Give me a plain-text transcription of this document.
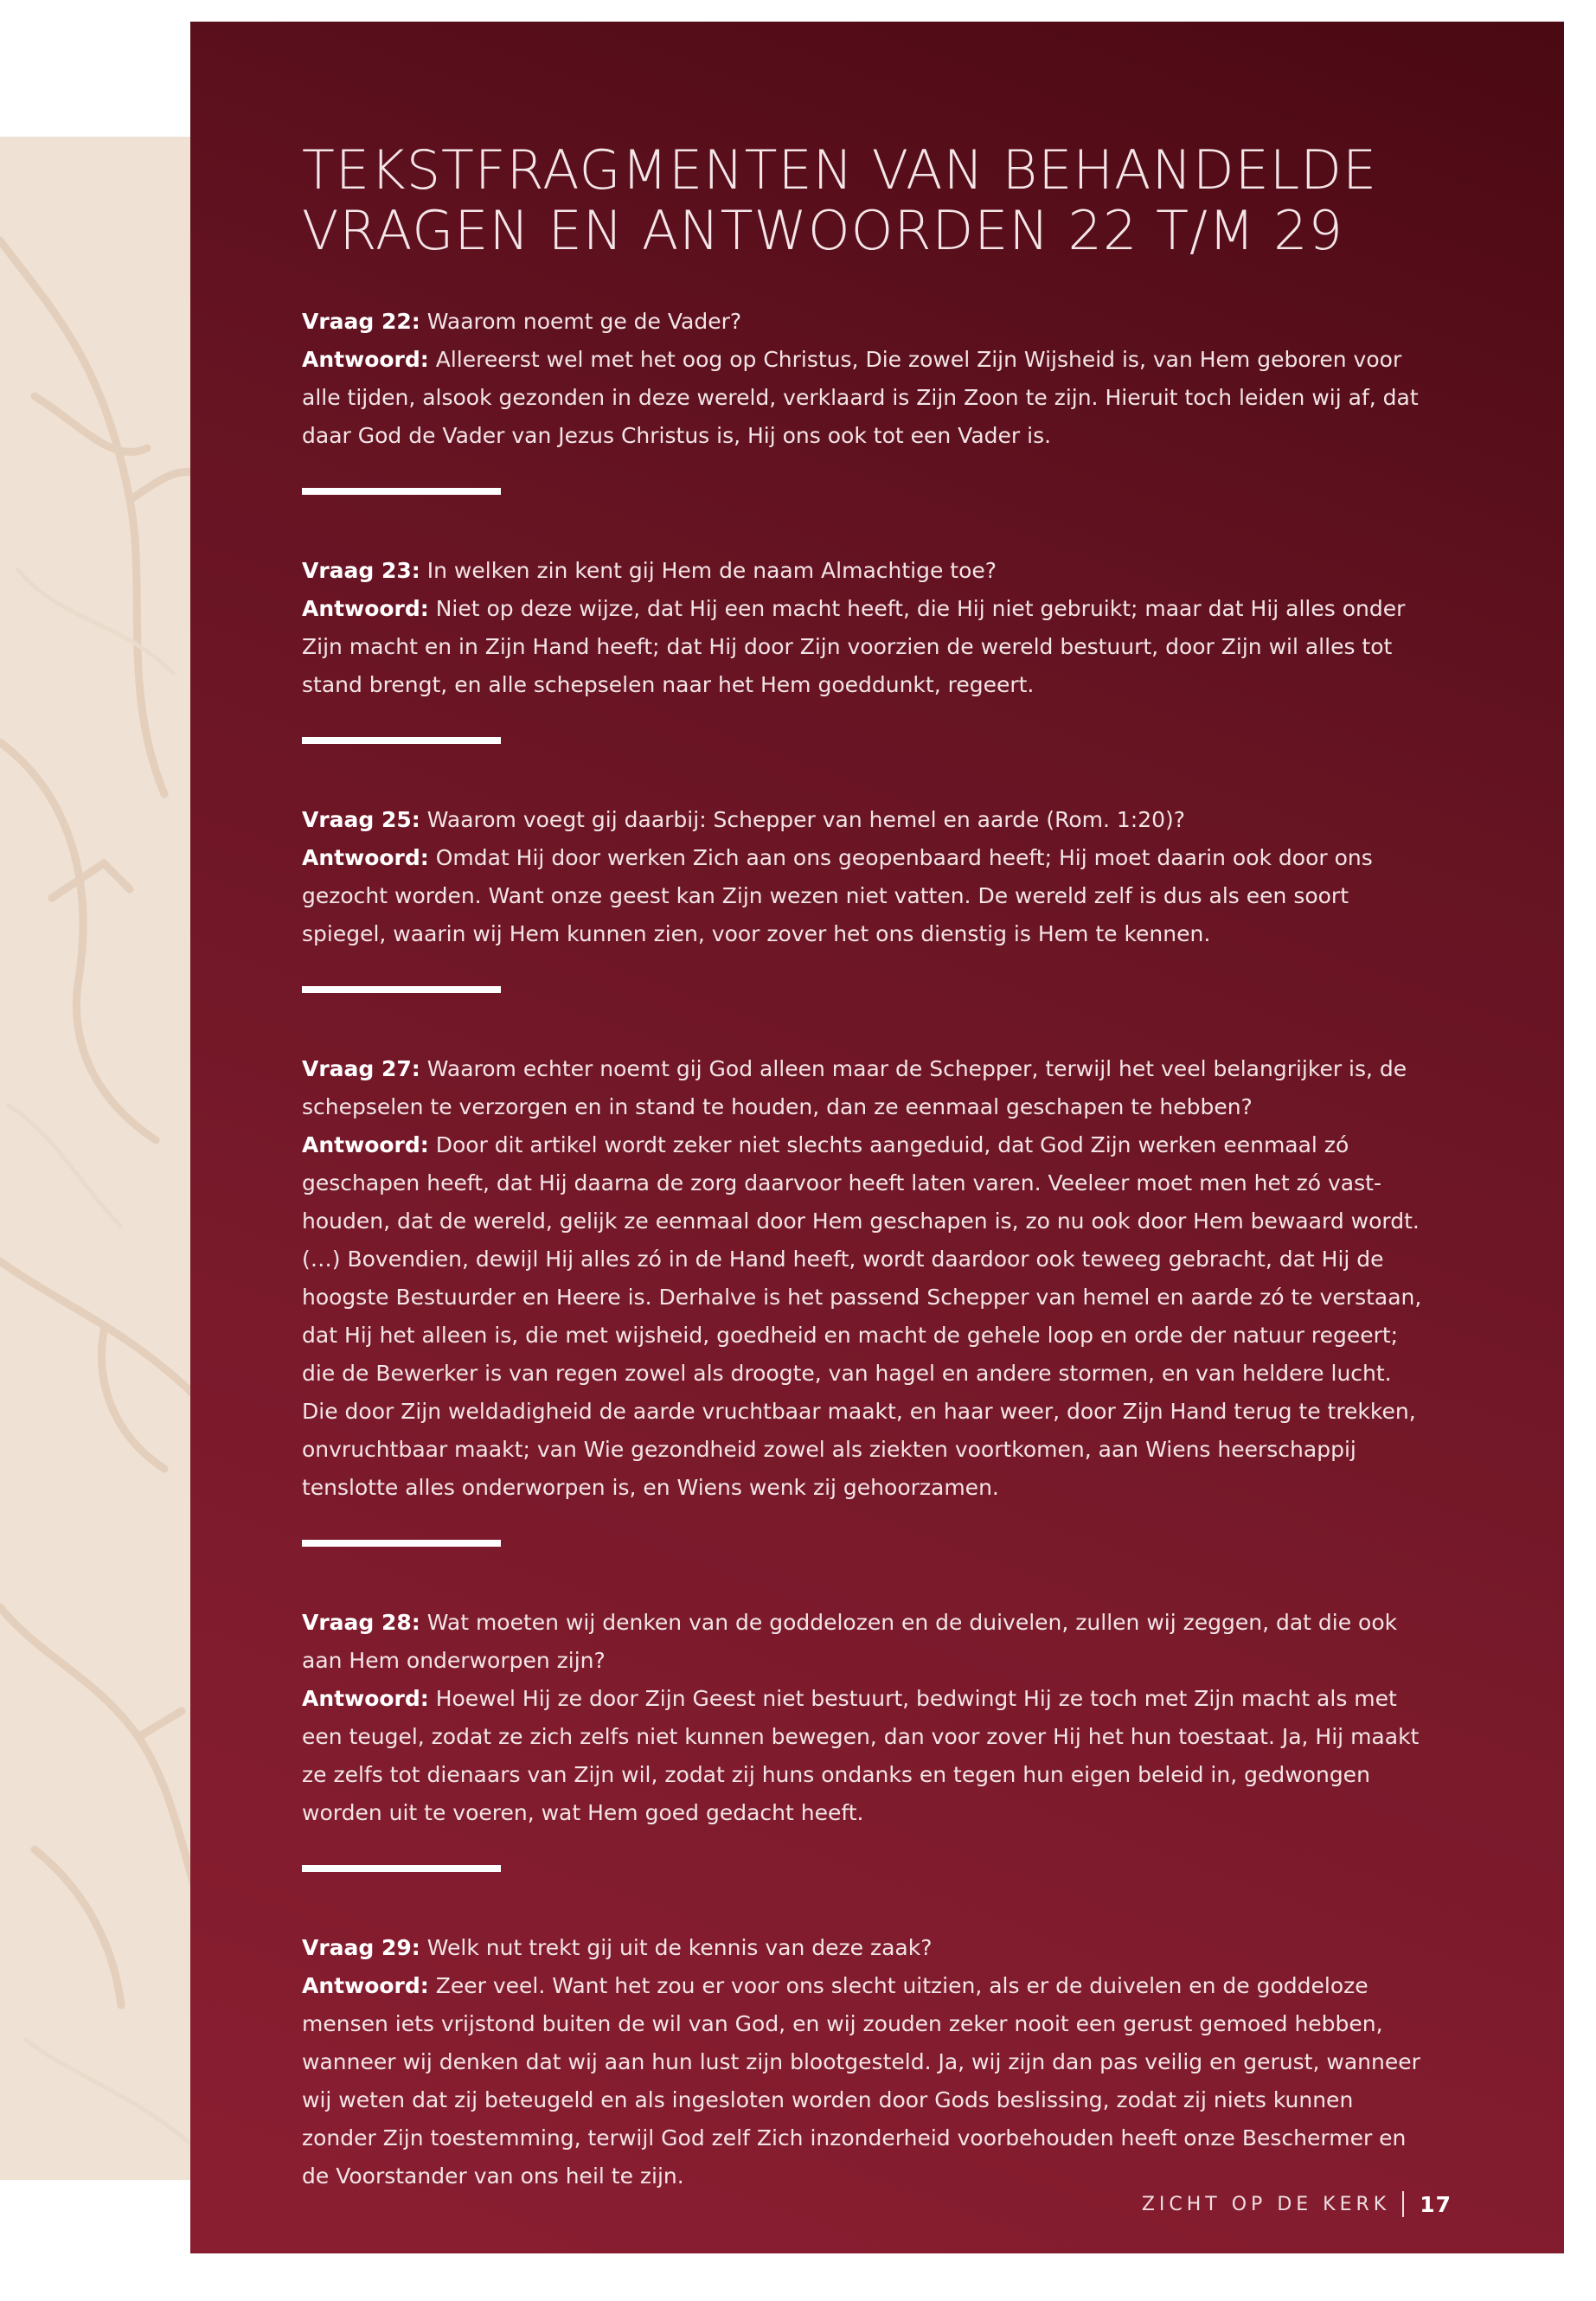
TEKSTFRAGMENTEN VAN BEHANDELDE
VRAGEN EN ANTWOORDEN 22 T/M 29

Vraag 22: Waarom noemt ge de Vader?

Antwoord: Allereerst wel met het oog op Christus, Die zowel Zijn Wijsheid is, van Hem geboren voor alle tijden, alsook gezonden in deze wereld, verklaard is Zijn Zoon te zijn. Hieruit toch leiden wij af, dat daar God de Vader van Jezus Christus is, Hij ons ook tot een Vader is.

Vraag 23: In welken zin kent gij Hem de naam Almachtige toe?

Antwoord: Niet op deze wijze, dat Hij een macht heeft, die Hij niet gebruikt; maar dat Hij alles onder Zijn macht en in Zijn Hand heeft; dat Hij door Zijn voorzien de wereld bestuurt, door Zijn wil alles tot stand brengt, en alle schepselen naar het Hem goeddunkt, regeert.

Vraag 25: Waarom voegt gij daarbij: Schepper van hemel en aarde (Rom. 1:20)?

Antwoord: Omdat Hij door werken Zich aan ons geopenbaard heeft; Hij moet daarin ook door ons gezocht worden. Want onze geest kan Zijn wezen niet vatten. De wereld zelf is dus als een soort spiegel, waarin wij Hem kunnen zien, voor zover het ons dienstig is Hem te kennen.

Vraag 27: Waarom echter noemt gij God alleen maar de Schepper, terwijl het veel belangrijker is, de schepselen te verzorgen en in stand te houden, dan ze eenmaal geschapen te hebben?

Antwoord: Door dit artikel wordt zeker niet slechts aangeduid, dat God Zijn werken eenmaal zó geschapen heeft, dat Hij daarna de zorg daarvoor heeft laten varen. Veeleer moet men het zó vasthouden, dat de wereld, gelijk ze eenmaal door Hem geschapen is, zo nu ook door Hem bewaard wordt. (…) Bovendien, dewijl Hij alles zó in de Hand heeft, wordt daardoor ook teweeg gebracht, dat Hij de hoogste Bestuurder en Heere is. Derhalve is het passend Schepper van hemel en aarde zó te verstaan, dat Hij het alleen is, die met wijsheid, goedheid en macht de gehele loop en orde der natuur regeert; die de Bewerker is van regen zowel als droogte, van hagel en andere stormen, en van heldere lucht. Die door Zijn weldadigheid de aarde vruchtbaar maakt, en haar weer, door Zijn Hand terug te trekken, onvruchtbaar maakt; van Wie gezondheid zowel als ziekten voortkomen, aan Wiens heerschappij tenslotte alles onderworpen is, en Wiens wenk zij gehoorzamen.

Vraag 28: Wat moeten wij denken van de goddelozen en de duivelen, zullen wij zeggen, dat die ook aan Hem onderworpen zijn?

Antwoord: Hoewel Hij ze door Zijn Geest niet bestuurt, bedwingt Hij ze toch met Zijn macht als met een teugel, zodat ze zich zelfs niet kunnen bewegen, dan voor zover Hij het hun toestaat. Ja, Hij maakt ze zelfs tot dienaars van Zijn wil, zodat zij huns ondanks en tegen hun eigen beleid in, gedwongen worden uit te voeren, wat Hem goed gedacht heeft.

Vraag 29: Welk nut trekt gij uit de kennis van deze zaak?

Antwoord: Zeer veel. Want het zou er voor ons slecht uitzien, als er de duivelen en de goddeloze mensen iets vrijstond buiten de wil van God, en wij zouden zeker nooit een gerust gemoed hebben, wanneer wij denken dat wij aan hun lust zijn blootgesteld. Ja, wij zijn dan pas veilig en gerust, wanneer wij weten dat zij beteugeld en als ingesloten worden door Gods beslissing, zodat zij niets kunnen zonder Zijn toestemming, terwijl God zelf Zich inzonderheid voorbehouden heeft onze Beschermer en de Voorstander van ons heil te zijn.

ZICHT OP DE KERK 17
